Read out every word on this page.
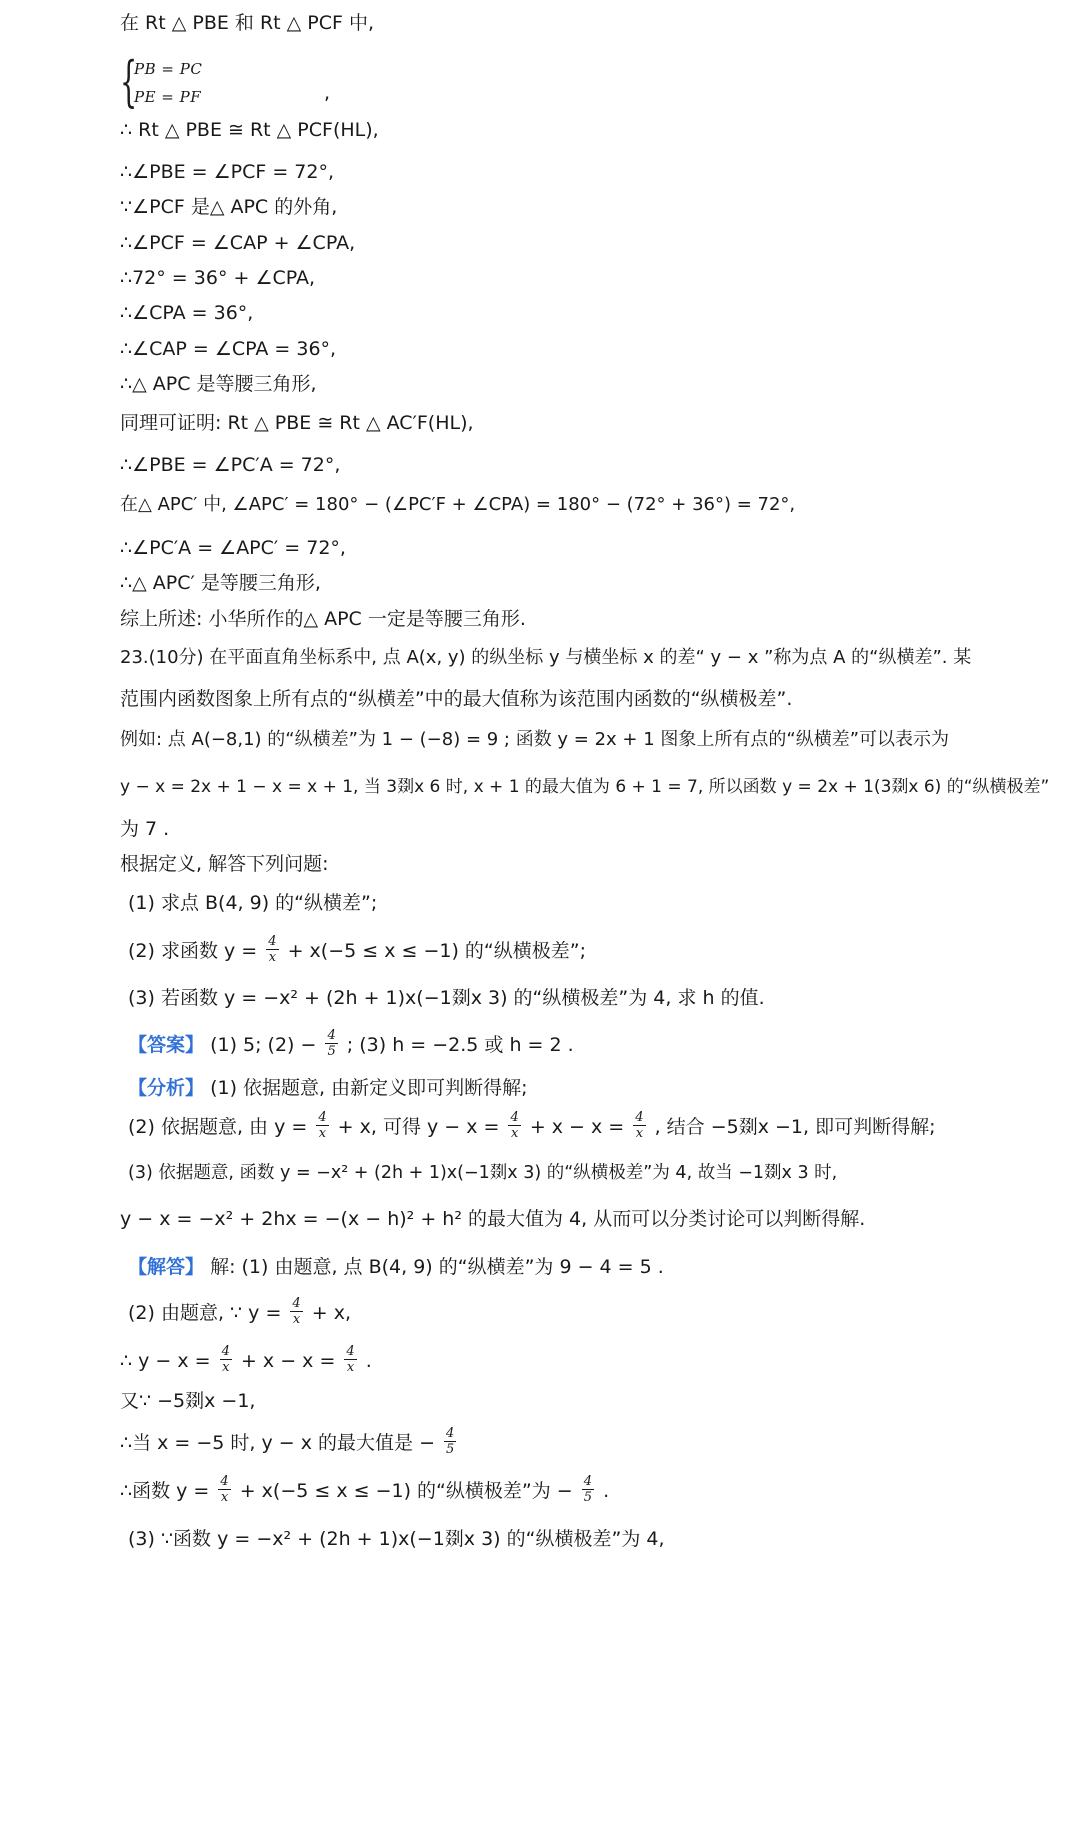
在 Rt △ PBE 和 Rt △ PCF 中,
{
PB = PC
PE = PF	,
∴ Rt △ PBE ≅ Rt △ PCF(HL),
∴∠PBE = ∠PCF = 72°,
∵∠PCF 是△ APC 的外角,
∴∠PCF = ∠CAP + ∠CPA,
∴72° = 36° + ∠CPA,
∴∠CPA = 36°,
∴∠CAP = ∠CPA = 36°,
∴△ APC 是等腰三角形,
同理可证明: Rt △ PBE ≅ Rt △ AC′F(HL),
∴∠PBE = ∠PC′A = 72°,
在△ APC′ 中, ∠APC′ = 180° − (∠PC′F + ∠CPA) = 180° − (72° + 36°) = 72°,
∴∠PC′A = ∠APC′ = 72°,
∴△ APC′ 是等腰三角形,
综上所述: 小华所作的△ APC 一定是等腰三角形.
23.(10分) 在平面直角坐标系中, 点 A(x, y) 的纵坐标 y 与横坐标 x 的差“ y − x ”称为点 A 的“纵横差”. 某
范围内函数图象上所有点的“纵横差”中的最大值称为该范围内函数的“纵横极差”.
例如: 点 A(−8,1) 的“纵横差”为 1 − (−8) = 9 ; 函数 y = 2x + 1 图象上所有点的“纵横差”可以表示为
y − x = 2x + 1 − x = x + 1, 当 3剟x 6 时, x + 1 的最大值为 6 + 1 = 7, 所以函数 y = 2x + 1(3剟x 6) 的“纵横极差”
为 7 .
根据定义, 解答下列问题:
(1) 求点 B(4, 9) 的“纵横差”;
(2) 求函数 $y = \frac{4}{x} + x(-5 \le x \le -1)$ 的“纵横极差”;
(3) 若函数 y = −x² + (2h + 1)x(−1剟x 3) 的“纵横极差”为 4, 求 h 的值.
【答案】 (1) 5; $(2) - \frac{4}{5}$ ; (3) h = −2.5 或 h = 2 .
【分析】 (1) 依据题意, 由新定义即可判断得解;
(2) 依据题意, 由 $y = \frac{4}{x} + x$, 可得 $y - x = \frac{4}{x} + x - x = \frac{4}{x}$ , 结合 −5剟x −1, 即可判断得解;
(3) 依据题意, 函数 y = −x² + (2h + 1)x(−1剟x 3) 的“纵横极差”为 4, 故当 −1剟x 3 时,
y − x = −x² + 2hx = −(x − h)² + h² 的最大值为 4, 从而可以分类讨论可以判断得解.
【解答】 解: (1) 由题意, 点 B(4, 9) 的“纵横差”为 9 − 4 = 5 .
(2) 由题意, ∵ $y = \frac{4}{x} + x$,
∴ $y - x = \frac{4}{x} + x - x = \frac{4}{x}$ .
又∵ −5剟x −1,
∴当 x = −5 时, y − x 的最大值是 − $\frac{4}{5}$
∴函数 $y = \frac{4}{x} + x(-5 \le x \le -1)$ 的“纵横极差”为 − $\frac{4}{5}$ .
(3) ∵函数 y = −x² + (2h + 1)x(−1剟x 3) 的“纵横极差”为 4,
